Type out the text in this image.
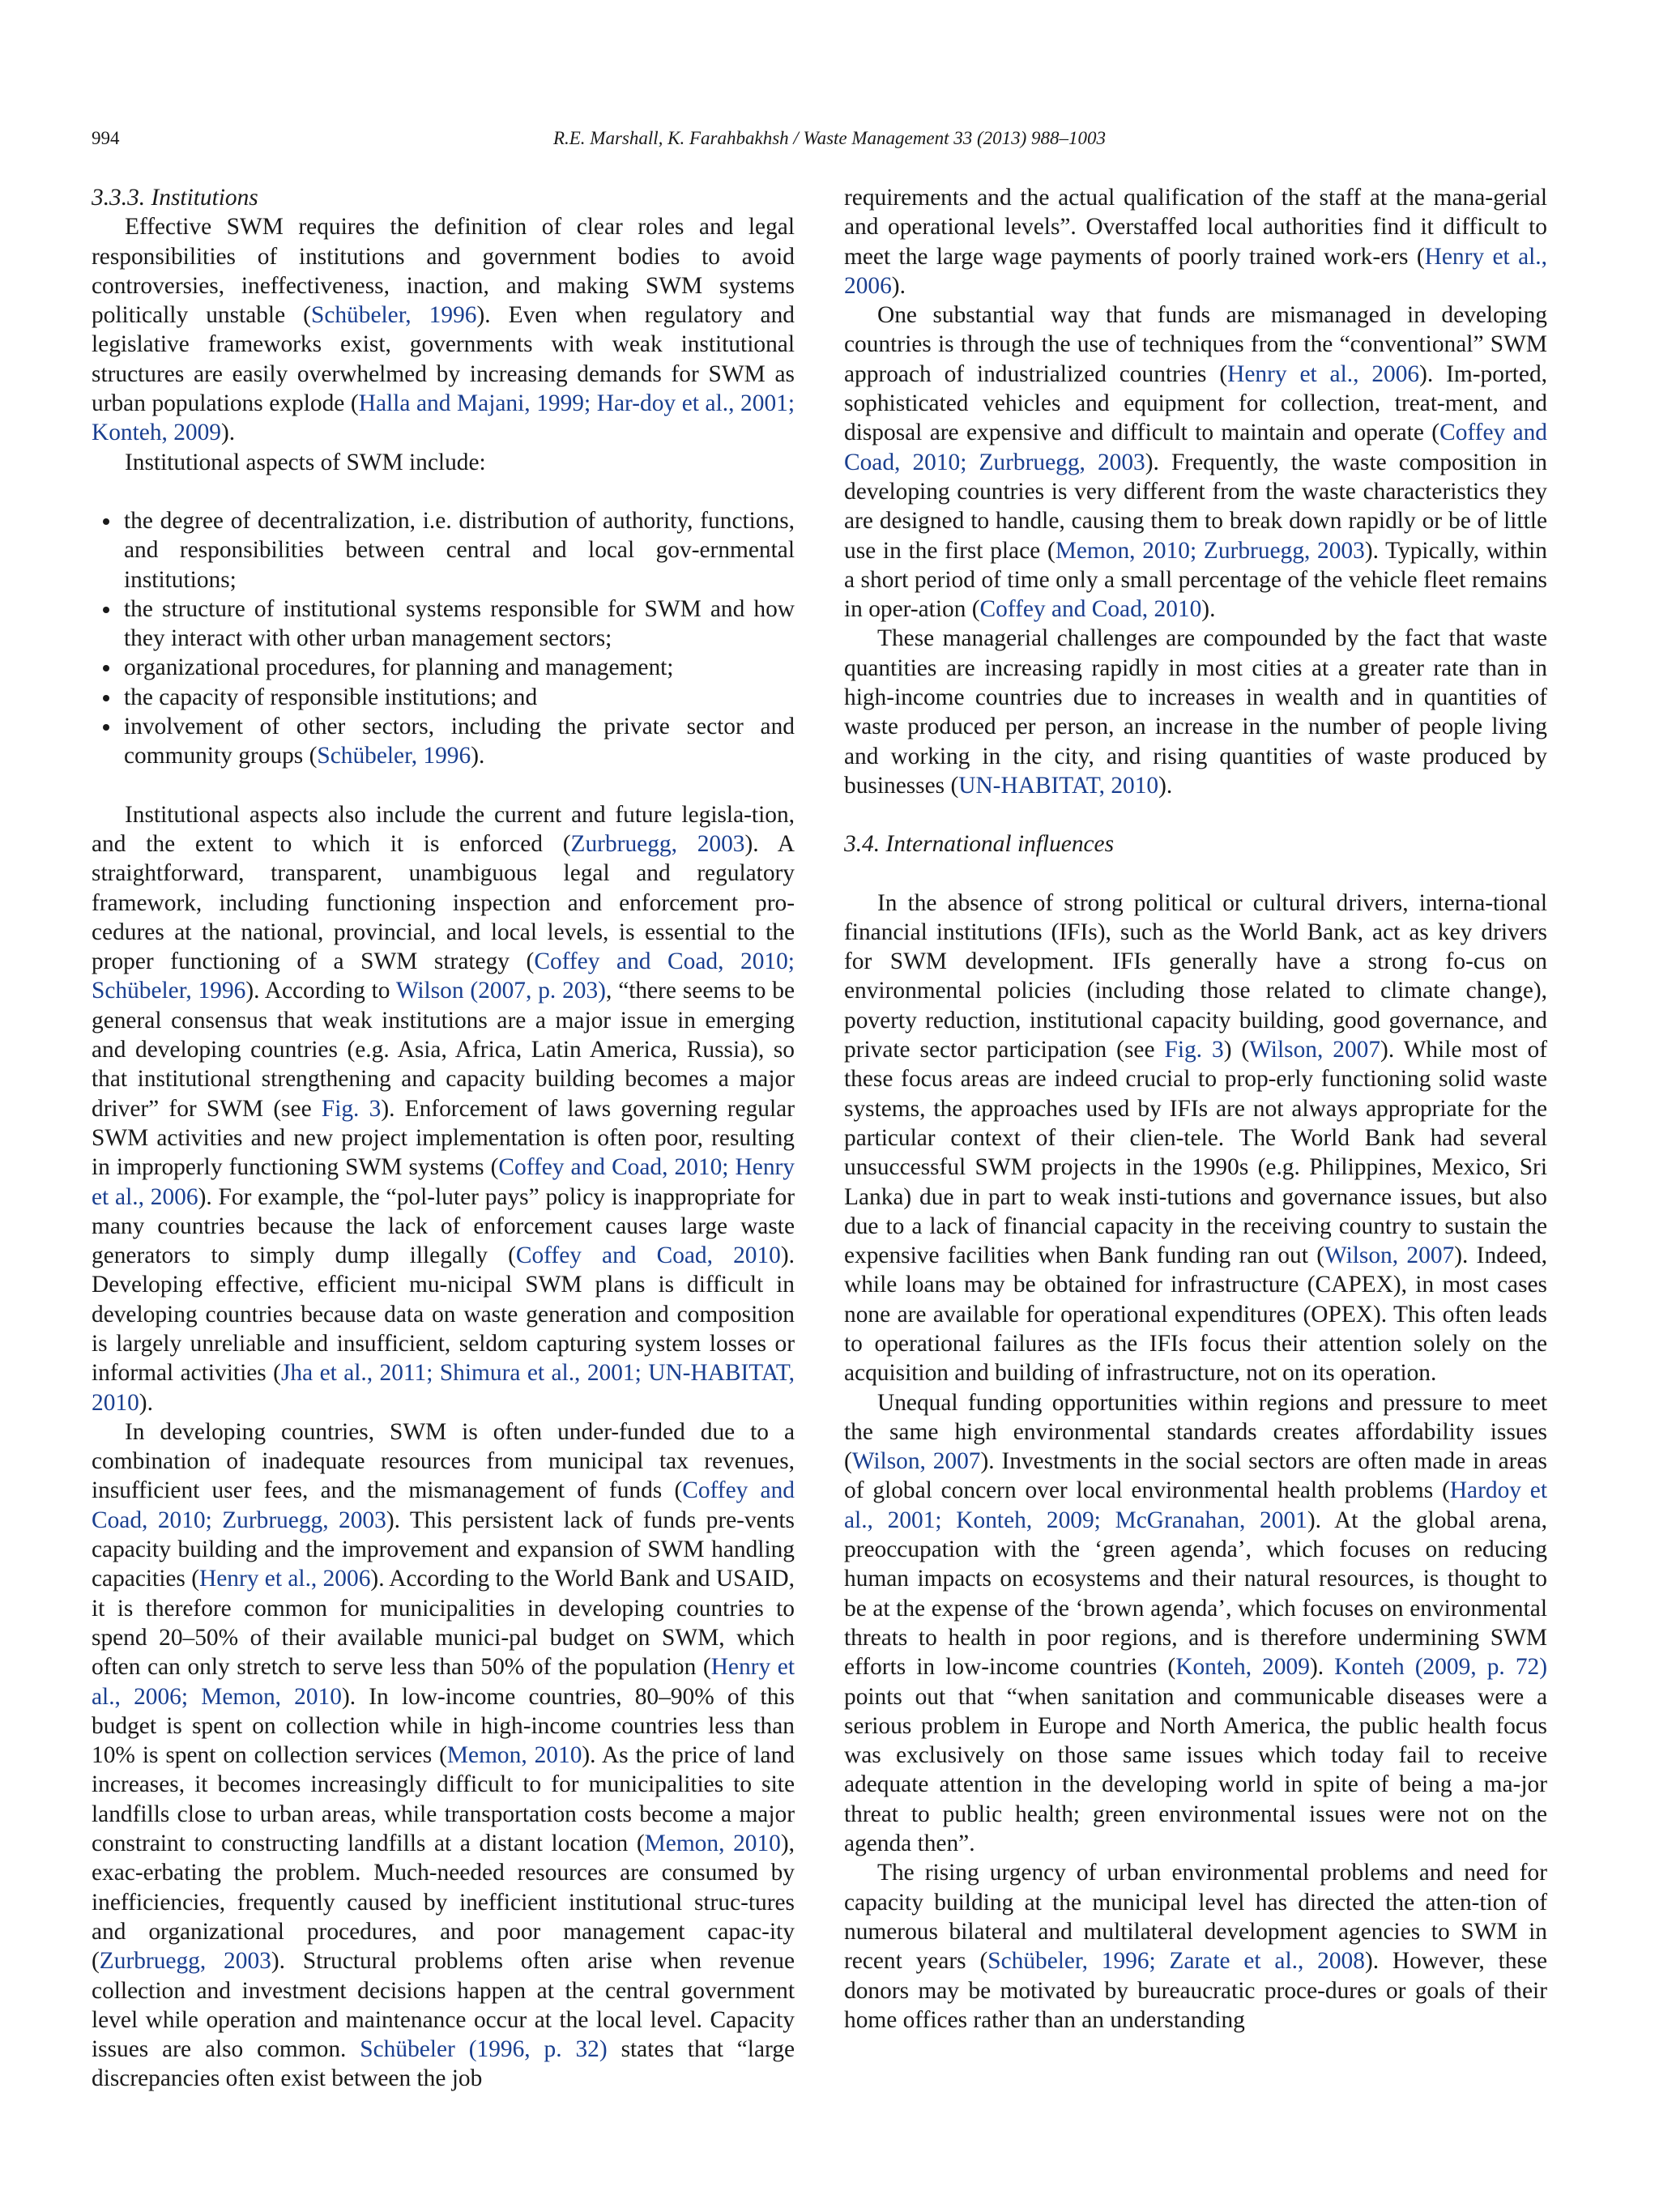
994	R.E. Marshall, K. Farahbakhsh / Waste Management 33 (2013) 988–1003

3.3.3. Institutions

Effective SWM requires the definition of clear roles and legal responsibilities of institutions and government bodies to avoid controversies, ineffectiveness, inaction, and making SWM systems politically unstable (Schübeler, 1996). Even when regulatory and legislative frameworks exist, governments with weak institutional structures are easily overwhelmed by increasing demands for SWM as urban populations explode (Halla and Majani, 1999; Har-doy et al., 2001; Konteh, 2009).

Institutional aspects of SWM include:

the degree of decentralization, i.e. distribution of authority, functions, and responsibilities between central and local gov-ernmental institutions;
the structure of institutional systems responsible for SWM and how they interact with other urban management sectors;
organizational procedures, for planning and management;
the capacity of responsible institutions; and
involvement of other sectors, including the private sector and community groups (Schübeler, 1996).

Institutional aspects also include the current and future legisla-tion, and the extent to which it is enforced (Zurbruegg, 2003). A straightforward, transparent, unambiguous legal and regulatory framework, including functioning inspection and enforcement pro-cedures at the national, provincial, and local levels, is essential to the proper functioning of a SWM strategy (Coffey and Coad, 2010; Schübeler, 1996). According to Wilson (2007, p. 203), “there seems to be general consensus that weak institutions are a major issue in emerging and developing countries (e.g. Asia, Africa, Latin America, Russia), so that institutional strengthening and capacity building becomes a major driver” for SWM (see Fig. 3). Enforcement of laws governing regular SWM activities and new project implementation is often poor, resulting in improperly functioning SWM systems (Coffey and Coad, 2010; Henry et al., 2006). For example, the “pol-luter pays” policy is inappropriate for many countries because the lack of enforcement causes large waste generators to simply dump illegally (Coffey and Coad, 2010). Developing effective, efficient mu-nicipal SWM plans is difficult in developing countries because data on waste generation and composition is largely unreliable and insufficient, seldom capturing system losses or informal activities (Jha et al., 2011; Shimura et al., 2001; UN-HABITAT, 2010).

In developing countries, SWM is often under-funded due to a combination of inadequate resources from municipal tax revenues, insufficient user fees, and the mismanagement of funds (Coffey and Coad, 2010; Zurbruegg, 2003). This persistent lack of funds pre-vents capacity building and the improvement and expansion of SWM handling capacities (Henry et al., 2006). According to the World Bank and USAID, it is therefore common for municipalities in developing countries to spend 20–50% of their available munici-pal budget on SWM, which often can only stretch to serve less than 50% of the population (Henry et al., 2006; Memon, 2010). In low-income countries, 80–90% of this budget is spent on collection while in high-income countries less than 10% is spent on collection services (Memon, 2010). As the price of land increases, it becomes increasingly difficult to for municipalities to site landfills close to urban areas, while transportation costs become a major constraint to constructing landfills at a distant location (Memon, 2010), exac-erbating the problem. Much-needed resources are consumed by inefficiencies, frequently caused by inefficient institutional struc-tures and organizational procedures, and poor management capac-ity (Zurbruegg, 2003). Structural problems often arise when revenue collection and investment decisions happen at the central government level while operation and maintenance occur at the local level. Capacity issues are also common. Schübeler (1996, p. 32) states that “large discrepancies often exist between the job

requirements and the actual qualification of the staff at the mana-gerial and operational levels”. Overstaffed local authorities find it difficult to meet the large wage payments of poorly trained work-ers (Henry et al., 2006).

One substantial way that funds are mismanaged in developing countries is through the use of techniques from the “conventional” SWM approach of industrialized countries (Henry et al., 2006). Im-ported, sophisticated vehicles and equipment for collection, treat-ment, and disposal are expensive and difficult to maintain and operate (Coffey and Coad, 2010; Zurbruegg, 2003). Frequently, the waste composition in developing countries is very different from the waste characteristics they are designed to handle, causing them to break down rapidly or be of little use in the first place (Memon, 2010; Zurbruegg, 2003). Typically, within a short period of time only a small percentage of the vehicle fleet remains in oper-ation (Coffey and Coad, 2010).

These managerial challenges are compounded by the fact that waste quantities are increasing rapidly in most cities at a greater rate than in high-income countries due to increases in wealth and in quantities of waste produced per person, an increase in the number of people living and working in the city, and rising quantities of waste produced by businesses (UN-HABITAT, 2010).

3.4. International influences

In the absence of strong political or cultural drivers, interna-tional financial institutions (IFIs), such as the World Bank, act as key drivers for SWM development. IFIs generally have a strong fo-cus on environmental policies (including those related to climate change), poverty reduction, institutional capacity building, good governance, and private sector participation (see Fig. 3) (Wilson, 2007). While most of these focus areas are indeed crucial to prop-erly functioning solid waste systems, the approaches used by IFIs are not always appropriate for the particular context of their clien-tele. The World Bank had several unsuccessful SWM projects in the 1990s (e.g. Philippines, Mexico, Sri Lanka) due in part to weak insti-tutions and governance issues, but also due to a lack of financial capacity in the receiving country to sustain the expensive facilities when Bank funding ran out (Wilson, 2007). Indeed, while loans may be obtained for infrastructure (CAPEX), in most cases none are available for operational expenditures (OPEX). This often leads to operational failures as the IFIs focus their attention solely on the acquisition and building of infrastructure, not on its operation.

Unequal funding opportunities within regions and pressure to meet the same high environmental standards creates affordability issues (Wilson, 2007). Investments in the social sectors are often made in areas of global concern over local environmental health problems (Hardoy et al., 2001; Konteh, 2009; McGranahan, 2001). At the global arena, preoccupation with the ‘green agenda’, which focuses on reducing human impacts on ecosystems and their natural resources, is thought to be at the expense of the ‘brown agenda’, which focuses on environmental threats to health in poor regions, and is therefore undermining SWM efforts in low-income countries (Konteh, 2009). Konteh (2009, p. 72) points out that “when sanitation and communicable diseases were a serious problem in Europe and North America, the public health focus was exclusively on those same issues which today fail to receive adequate attention in the developing world in spite of being a ma-jor threat to public health; green environmental issues were not on the agenda then”.

The rising urgency of urban environmental problems and need for capacity building at the municipal level has directed the atten-tion of numerous bilateral and multilateral development agencies to SWM in recent years (Schübeler, 1996; Zarate et al., 2008). However, these donors may be motivated by bureaucratic proce-dures or goals of their home offices rather than an understanding
